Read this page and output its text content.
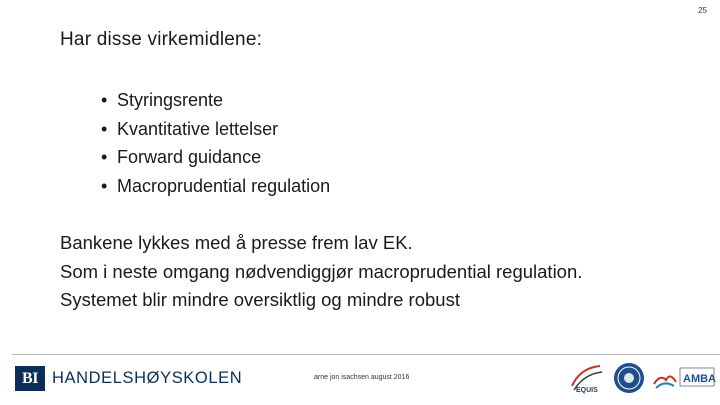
25
Har disse virkemidlene:
• Styringsrente
• Kvantitative lettelser
• Forward guidance
• Macroprudential regulation
Bankene lykkes med å presse frem lav EK.
Som i neste omgang nødvendiggjør macroprudential regulation.
Systemet blir mindre oversiktlig og mindre robust
BI HANDELSHØYSKOLEN	arne jon isachsen august 2016
EQUIS
AMBA
